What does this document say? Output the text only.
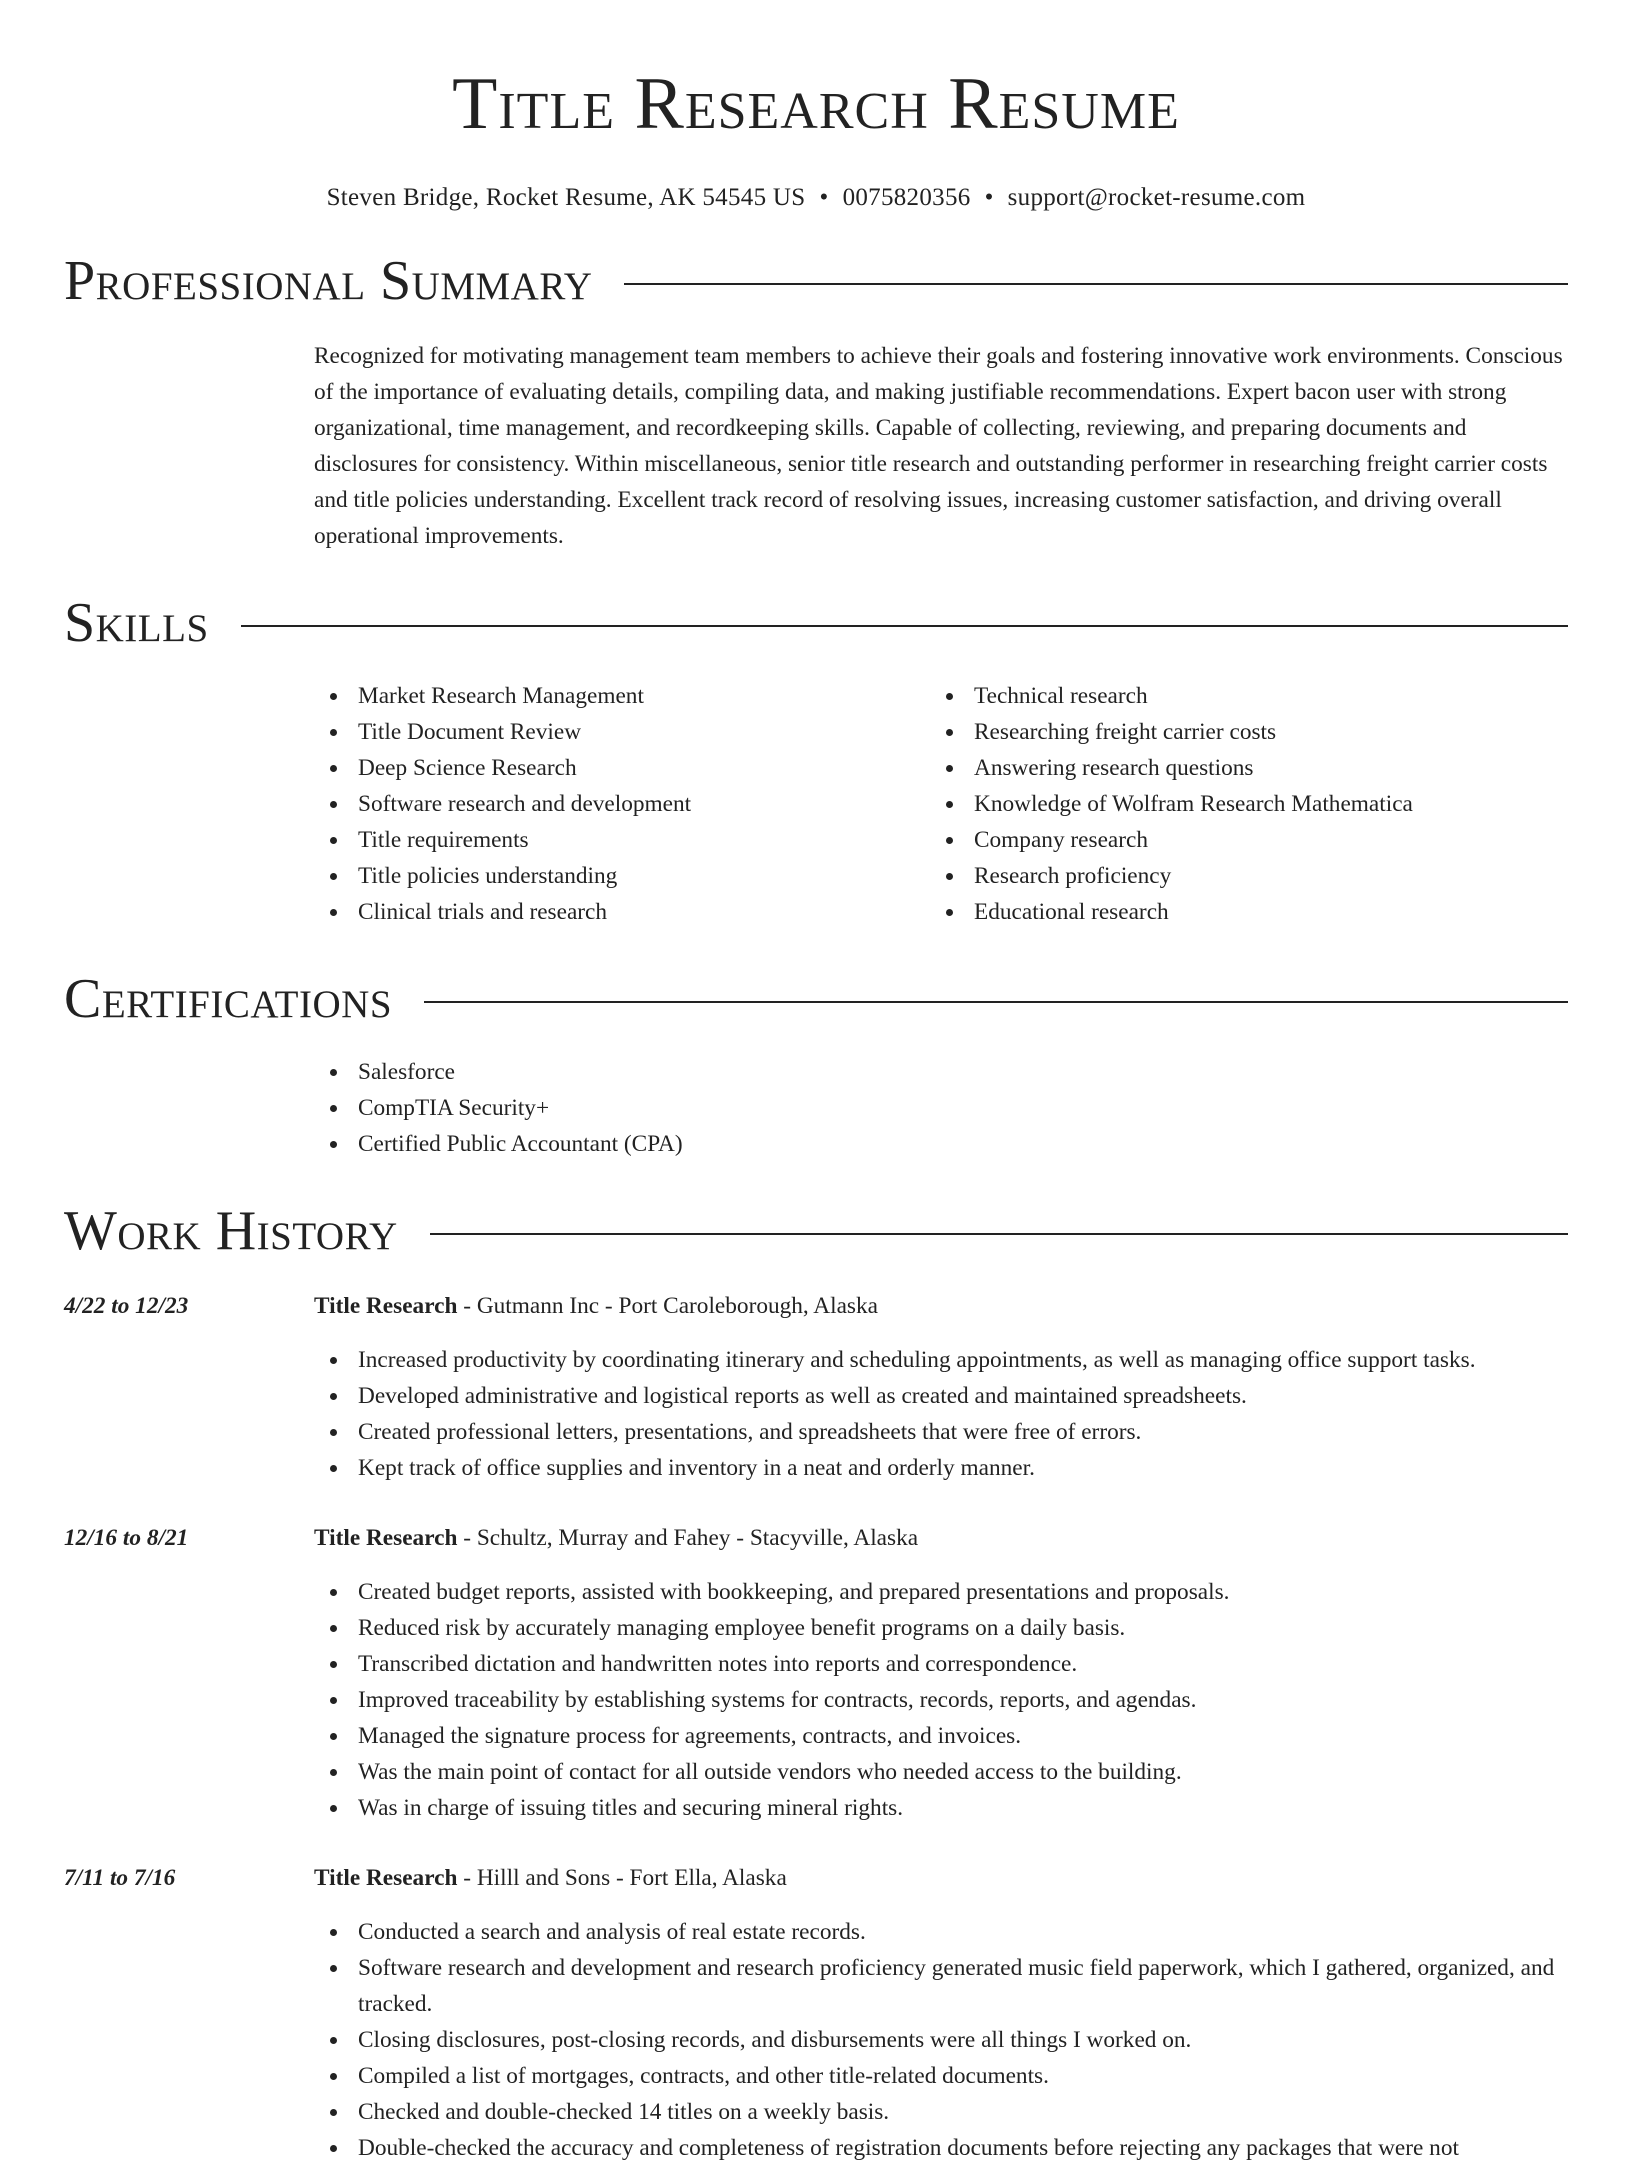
Title Research Resume
Steven Bridge, Rocket Resume, AK 54545 US • 0075820356 • support@rocket-resume.com
Professional Summary

Recognized for motivating management team members to achieve their goals and fostering innovative work environments. Conscious of the importance of evaluating details, compiling data, and making justifiable recommendations. Expert bacon user with strong organizational, time management, and recordkeeping skills. Capable of collecting, reviewing, and preparing documents and disclosures for consistency. Within miscellaneous, senior title research and outstanding performer in researching freight carrier costs and title policies understanding. Excellent track record of resolving issues, increasing customer satisfaction, and driving overall operational improvements.

Skills
Market Research Management
Title Document Review
Deep Science Research
Software research and development
Title requirements
Title policies understanding
Clinical trials and research
Technical research
Researching freight carrier costs
Answering research questions
Knowledge of Wolfram Research Mathematica
Company research
Research proficiency
Educational research
Certifications
Salesforce
CompTIA Security+
Certified Public Accountant (CPA)
Work History
4/22 to 12/23	Title Research - Gutmann Inc - Port Caroleborough, Alaska
Increased productivity by coordinating itinerary and scheduling appointments, as well as managing office support tasks.
Developed administrative and logistical reports as well as created and maintained spreadsheets.
Created professional letters, presentations, and spreadsheets that were free of errors.
Kept track of office supplies and inventory in a neat and orderly manner.
12/16 to 8/21	Title Research - Schultz, Murray and Fahey - Stacyville, Alaska
Created budget reports, assisted with bookkeeping, and prepared presentations and proposals.
Reduced risk by accurately managing employee benefit programs on a daily basis.
Transcribed dictation and handwritten notes into reports and correspondence.
Improved traceability by establishing systems for contracts, records, reports, and agendas.
Managed the signature process for agreements, contracts, and invoices.
Was the main point of contact for all outside vendors who needed access to the building.
Was in charge of issuing titles and securing mineral rights.
7/11 to 7/16	Title Research - Hilll and Sons - Fort Ella, Alaska
Conducted a search and analysis of real estate records.
Software research and development and research proficiency generated music field paperwork, which I gathered, organized, and tracked.
Closing disclosures, post-closing records, and disbursements were all things I worked on.
Compiled a list of mortgages, contracts, and other title-related documents.
Checked and double-checked 14 titles on a weekly basis.
Double-checked the accuracy and completeness of registration documents before rejecting any packages that were not
